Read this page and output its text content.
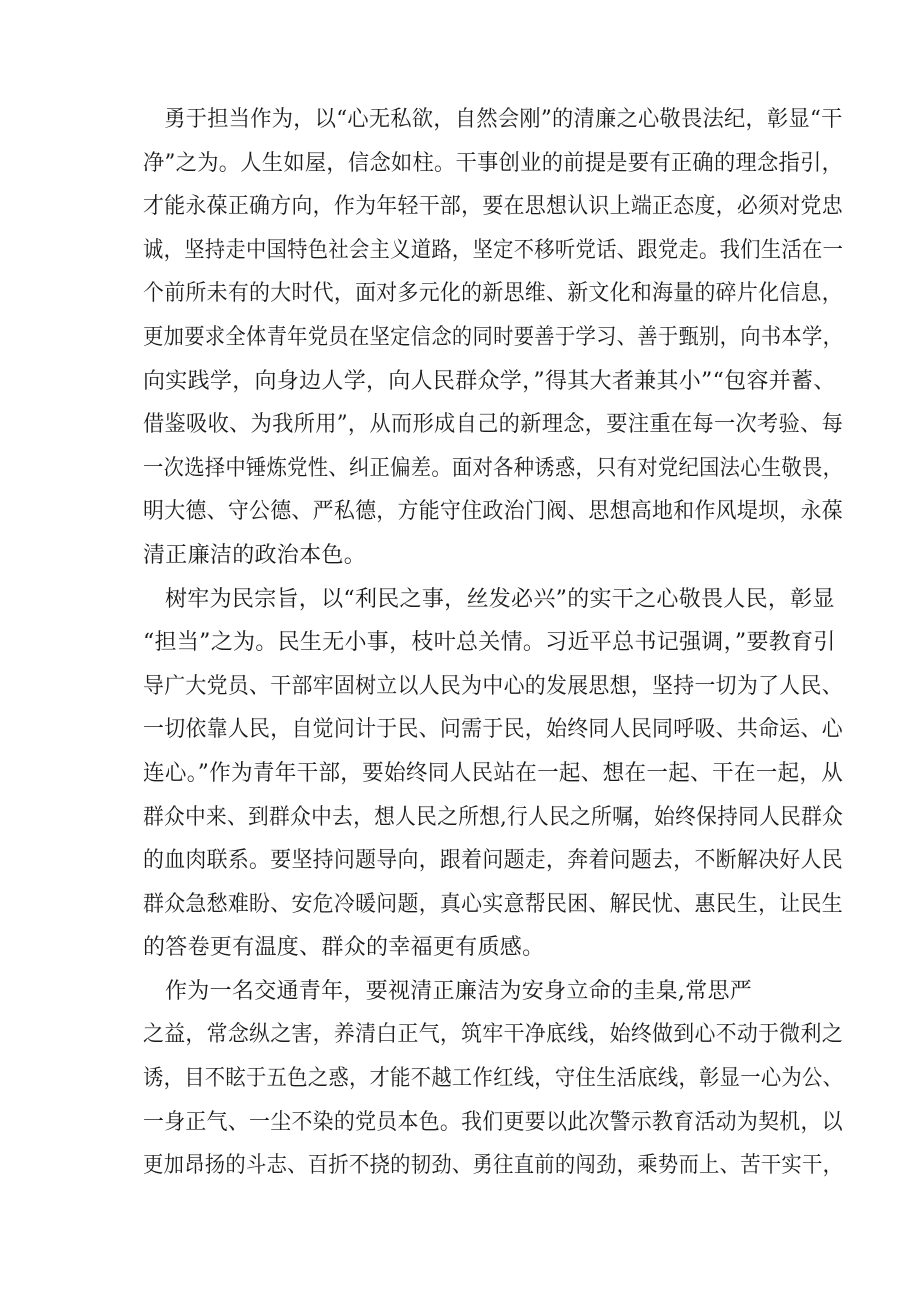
勇于担当作为，以“心无私欲，自然会刚”的清廉之心敬畏法纪，彰显“干
净”之为。人生如屋，信念如柱。干事创业的前提是要有正确的理念指引，
才能永葆正确方向，作为年轻干部，要在思想认识上端正态度，必须对党忠
诚，坚持走中国特色社会主义道路，坚定不移听党话、跟党走。我们生活在一
个前所未有的大时代，面对多元化的新思维、新文化和海量的碎片化信息，
更加要求全体青年党员在坚定信念的同时要善于学习、善于甄别，向书本学，
向实践学，向身边人学，向人民群众学，”得其大者兼其小”“包容并蓄、
借鉴吸收、为我所用”，从而形成自己的新理念，要注重在每一次考验、每
一次选择中锤炼党性、纠正偏差。面对各种诱惑，只有对党纪国法心生敬畏，
明大德、守公德、严私德，方能守住政治门阀、思想高地和作风堤坝，永葆
清正廉洁的政治本色。
树牢为民宗旨，以“利民之事，丝发必兴”的实干之心敬畏人民，彰显
“担当”之为。民生无小事，枝叶总关情。习近平总书记强调，”要教育引
导广大党员、干部牢固树立以人民为中心的发展思想，坚持一切为了人民、
一切依靠人民，自觉问计于民、问需于民，始终同人民同呼吸、共命运、心
连心。”作为青年干部，要始终同人民站在一起、想在一起、干在一起，从
群众中来、到群众中去，想人民之所想,行人民之所嘱，始终保持同人民群众
的血肉联系。要坚持问题导向，跟着问题走，奔着问题去，不断解决好人民
群众急愁难盼、安危冷暖问题，真心实意帮民困、解民忧、惠民生，让民生
的答卷更有温度、群众的幸福更有质感。
作为一名交通青年，要视清正廉洁为安身立命的圭臬,常思严
之益，常念纵之害，养清白正气，筑牢干净底线，始终做到心不动于微利之
诱，目不眩于五色之惑，才能不越工作红线，守住生活底线，彰显一心为公、
一身正气、一尘不染的党员本色。我们更要以此次警示教育活动为契机，以
更加昂扬的斗志、百折不挠的韧劲、勇往直前的闯劲，乘势而上、苦干实干，
